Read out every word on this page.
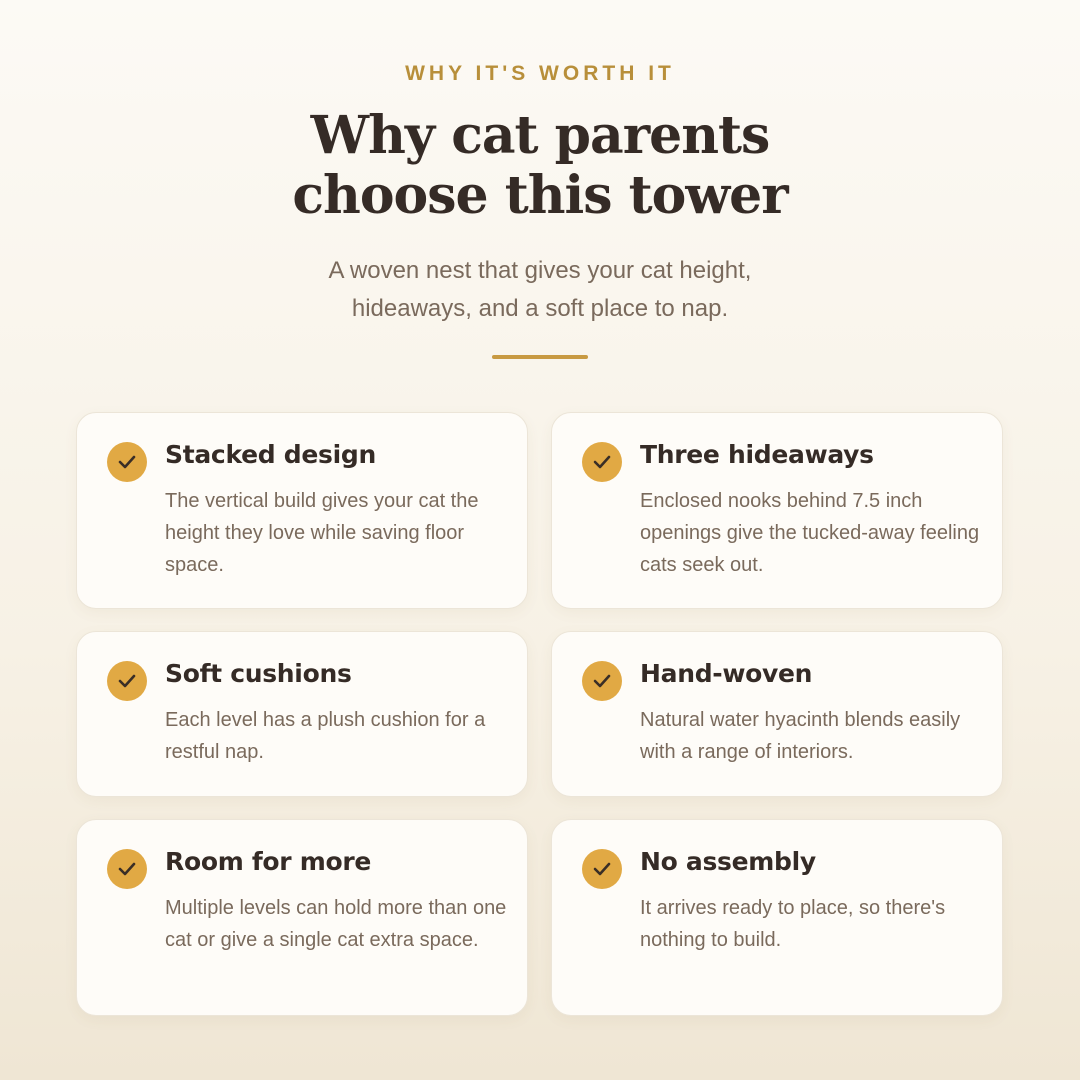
WHY IT'S WORTH IT
Why cat parents
choose this tower
A woven nest that gives your cat height,
hideaways, and a soft place to nap.
Stacked design
The vertical build gives your cat the height they love while saving floor space.
Three hideaways
Enclosed nooks behind 7.5 inch openings give the tucked-away feeling cats seek out.
Soft cushions
Each level has a plush cushion for a restful nap.
Hand-woven
Natural water hyacinth blends easily with a range of interiors.
Room for more
Multiple levels can hold more than one cat or give a single cat extra space.
No assembly
It arrives ready to place, so there's nothing to build.
